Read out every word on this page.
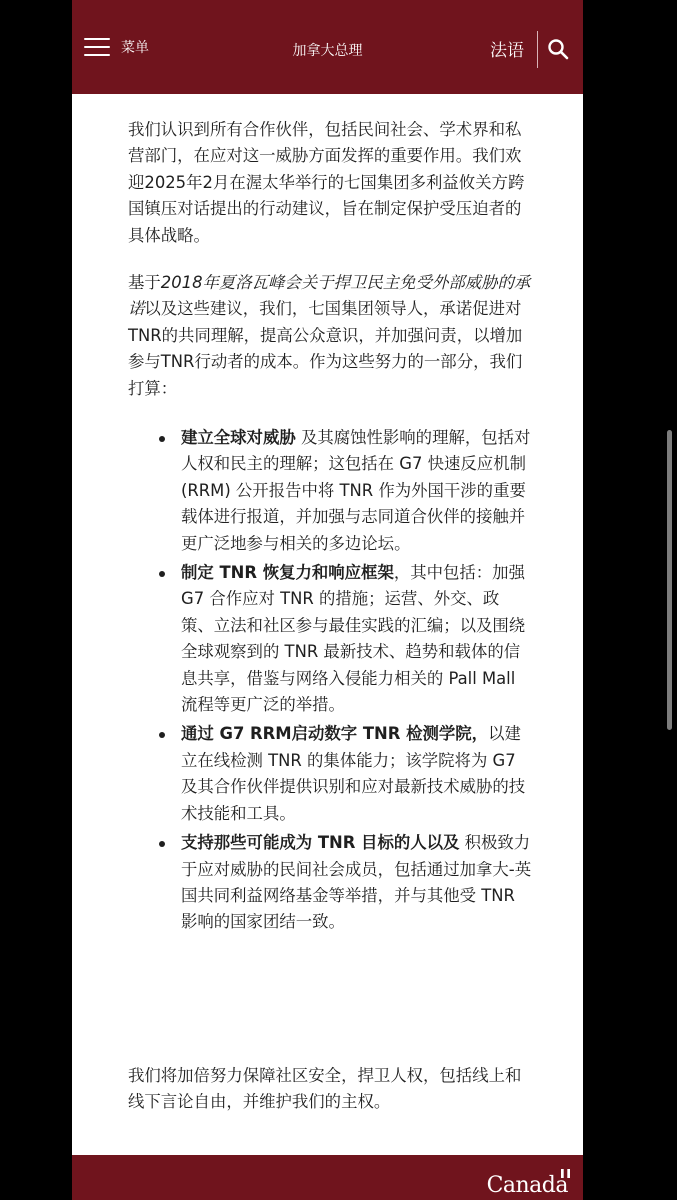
菜单	加拿大总理	法语

我们认识到所有合作伙伴，包括民间社会、学术界和私营部门，在应对这一威胁方面发挥的重要作用。我们欢迎2025年2月在渥太华举行的七国集团多利益攸关方跨国镇压对话提出的行动建议，旨在制定保护受压迫者的具体战略。

基于2018年夏洛瓦峰会关于捍卫民主免受外部威胁的承诺以及这些建议，我们，七国集团领导人，承诺促进对TNR的共同理解，提高公众意识，并加强问责，以增加参与TNR行动者的成本。作为这些努力的一部分，我们打算：

建立全球对威胁 及其腐蚀性影响的理解，包括对人权和民主的理解；这包括在 G7 快速反应机制 (RRM) 公开报告中将 TNR 作为外国干涉的重要载体进行报道，并加强与志同道合伙伴的接触并更广泛地参与相关的多边论坛。
制定 TNR 恢复力和响应框架，其中包括：加强 G7 合作应对 TNR 的措施；运营、外交、政策、立法和社区参与最佳实践的汇编；以及围绕全球观察到的 TNR 最新技术、趋势和载体的信息共享，借鉴与网络入侵能力相关的 Pall Mall 流程等更广泛的举措。
通过 G7 RRM启动数字 TNR 检测学院，以建立在线检测 TNR 的集体能力；该学院将为 G7 及其合作伙伴提供识别和应对最新技术威胁的技术技能和工具。
支持那些可能成为 TNR 目标的人以及 积极致力于应对威胁的民间社会成员，包括通过加拿大-英国共同利益网络基金等举措，并与其他受 TNR 影响的国家团结一致。

我们将加倍努力保障社区安全，捍卫人权，包括线上和线下言论自由，并维护我们的主权。

Canada
